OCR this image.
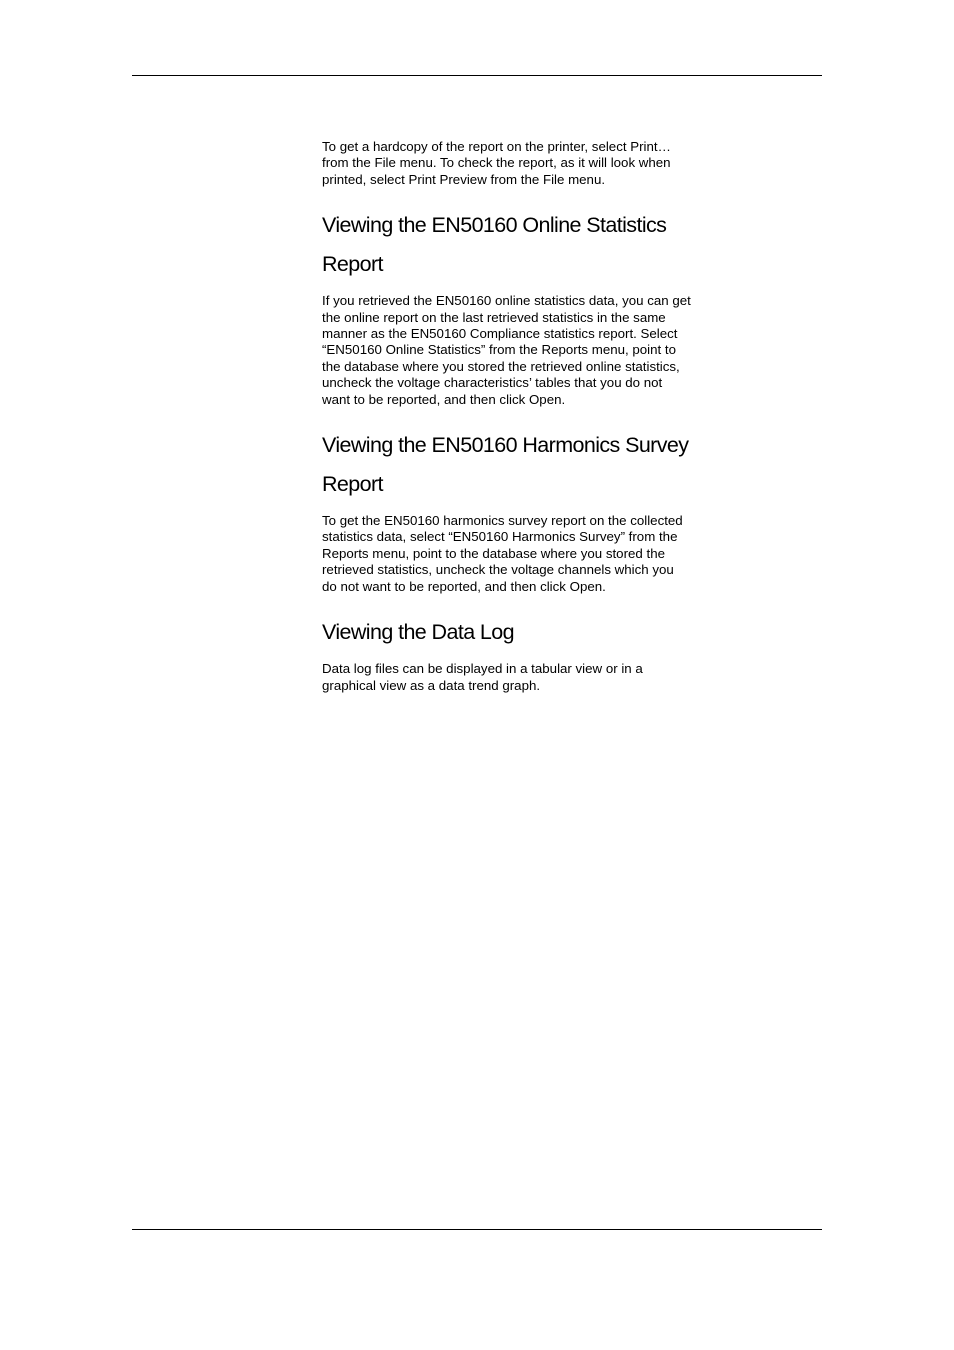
To get a hardcopy of the report on the printer, select Print…
from the File menu. To check the report, as it will look when
printed, select Print Preview from the File menu.

Viewing the EN50160 Online Statistics
Report

If you retrieved the EN50160 online statistics data, you can get
the online report on the last retrieved statistics in the same
manner as the EN50160 Compliance statistics report. Select
“EN50160 Online Statistics” from the Reports menu, point to
the database where you stored the retrieved online statistics,
uncheck the voltage characteristics’ tables that you do not
want to be reported, and then click Open.

Viewing the EN50160 Harmonics Survey
Report

To get the EN50160 harmonics survey report on the collected
statistics data, select “EN50160 Harmonics Survey” from the
Reports menu, point to the database where you stored the
retrieved statistics, uncheck the voltage channels which you
do not want to be reported, and then click Open.

Viewing the Data Log

Data log files can be displayed in a tabular view or in a
graphical view as a data trend graph.
